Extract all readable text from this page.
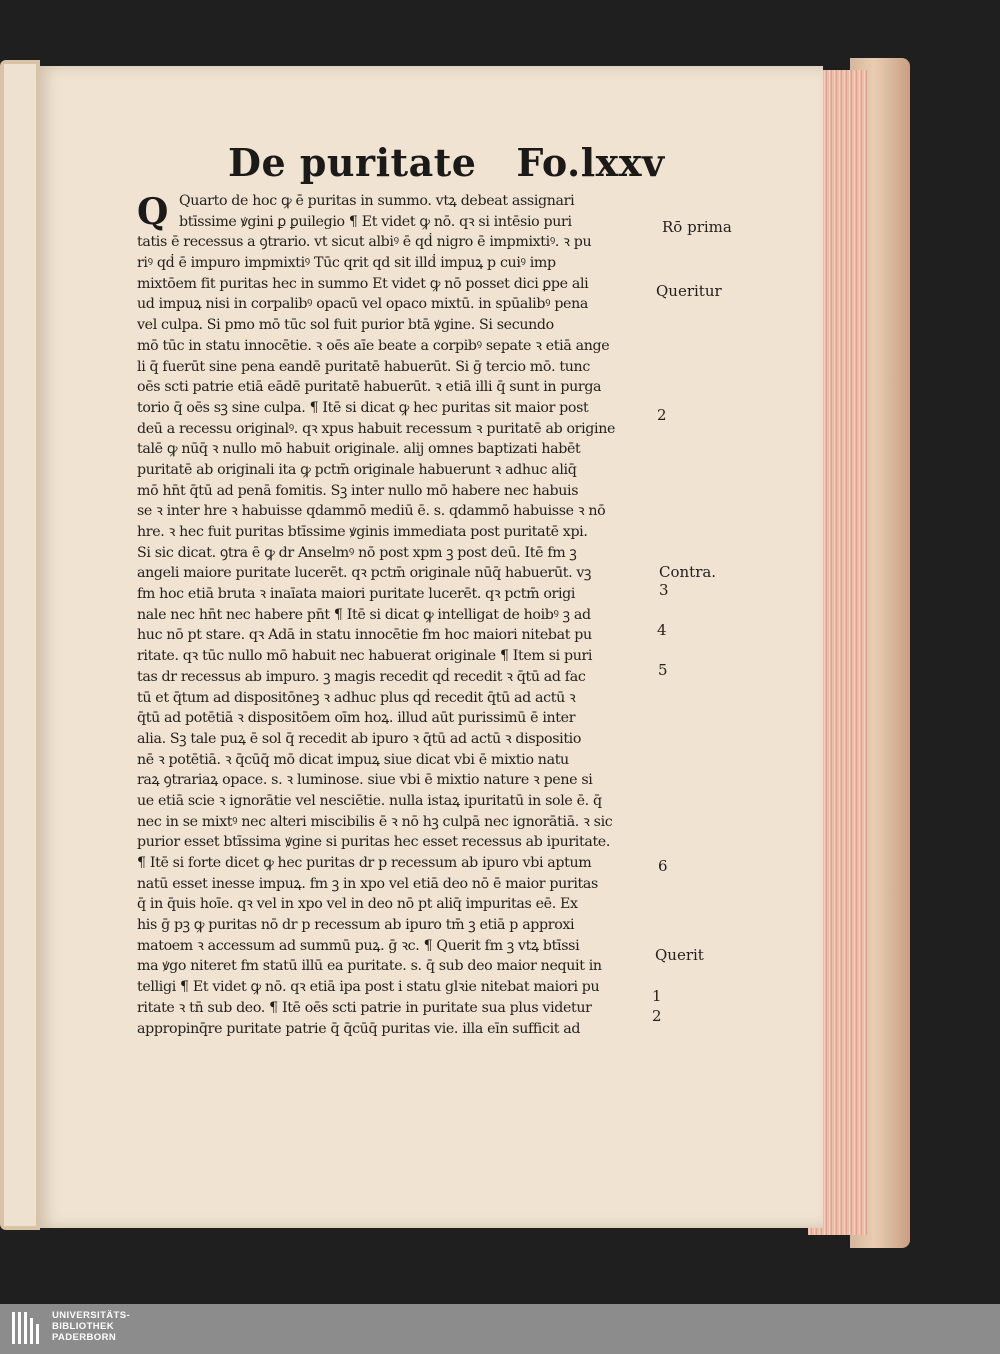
De puritate Fo.lxxv
Quarto de hoc ꝙ ē puritas in summo. vtꝝ debeat assignari
btīssime ꝟgini ꝑ ꝑuilegio ¶ Et videt ꝙ nō. qꝛ si intēsio puri
tatis ē recessus a ꝯtrario. vt sicut albiꝰ ē qḋ nigro ē impmixtiꝰ. ꝛ pu
riꝰ qḋ ē impuro impmixtiꝰ Tūc qrit qd sit illḋ impuꝝ p cuiꝰ imp
mixtōem fit puritas hec in summo Et videt ꝙ nō posset dici ꝑpe ali
ud impuꝝ nisi in corpalibꝰ opacū vel opaco mixtū. in spūalibꝰ pena
vel culpa. Si pmo mō tūc sol fuit purior btā ꝟgine. Si secundo
mō tūc in statu innocētie. ꝛ oēs aīe beate a corpibꝰ sepate ꝛ etiā ange
li q̄ fuerūt sine pena eandē puritatē habuerūt. Si ḡ tercio mō. tunc
oēs scti patrie etiā eādē puritatē habuerūt. ꝛ etiā illi q̄ sunt in purga
torio q̄ oēs sꝫ sine culpa. ¶ Itē si dicat ꝙ hec puritas sit maior post
deū a recessu originalꝰ. qꝛ xpus habuit recessum ꝛ puritatē ab origine
talē ꝙ nūq̄ ꝛ nullo mō habuit originale. alij omnes baptizati habēt
puritatē ab originali ita ꝙ pctm̄ originale habuerunt ꝛ adhuc aliq̄
mō hn̄t q̄tū ad penā fomitis. Sꝫ inter nullo mō habere nec habuis
se ꝛ inter hre ꝛ habuisse qdammō mediū ē. s. qdammō habuisse ꝛ nō
hre. ꝛ hec fuit puritas btīssime ꝟginis immediata post puritatē xpi.
Si sic dicat. ꝯtra ē ꝙ dr Anselmꝰ nō post xpm ꝫ post deū. Itē fm ꝫ
angeli maiore puritate lucerēt. qꝛ pctm̄ originale nūq̄ habuerūt. vꝫ
fm hoc etiā bruta ꝛ inaīata maiori puritate lucerēt. qꝛ pctm̄ origi
nale nec hn̄t nec habere pn̄t ¶ Itē si dicat ꝙ intelligat de hoibꝰ ꝫ ad
huc nō pt stare. qꝛ Adā in statu innocētie fm hoc maiori nitebat pu
ritate. qꝛ tūc nullo mō habuit nec habuerat originale ¶ Item si puri
tas dr recessus ab impuro. ꝫ magis recedit qḋ recedit ꝛ q̄tū ad fac
tū et q̄tum ad dispositōneꝫ ꝛ adhuc plus qḋ recedit q̄tū ad actū ꝛ
q̄tū ad potētiā ꝛ dispositōem oīm hoꝝ. illud aūt purissimū ē inter
alia. Sꝫ tale puꝝ ē sol q̄ recedit ab ipuro ꝛ q̄tū ad actū ꝛ dispositio
nē ꝛ potētiā. ꝛ q̄cūq̄ mō dicat impuꝝ siue dicat vbi ē mixtio natu
raꝝ ꝯtrariaꝝ opace. s. ꝛ luminose. siue vbi ē mixtio nature ꝛ pene si
ue etiā scie ꝛ ignorātie vel nesciētie. nulla istaꝝ ipuritatū in sole ē. q̄
nec in se mixtꝰ nec alteri miscibilis ē ꝛ nō hꝫ culpā nec ignorātiā. ꝛ sic
purior esset btīssima ꝟgine si puritas hec esset recessus ab ipuritate.
¶ Itē si forte dicet ꝙ hec puritas dr p recessum ab ipuro vbi aptum
natū esset inesse impuꝝ. fm ꝫ in xpo vel etiā deo nō ē maior puritas
q̄ in q̄uis hoīe. qꝛ vel in xpo vel in deo nō pt aliq̄ impuritas eē. Ex
his ḡ pꝫ ꝙ puritas nō dr p recessum ab ipuro tm̄ ꝫ etiā p approxi
matoem ꝛ accessum ad summū puꝝ. ḡ ꝛc. ¶ Querit fm ꝫ vtꝝ btīssi
ma ꝟgo niteret fm statū illū ea puritate. s. q̄ sub deo maior nequit in
telligi ¶ Et videt ꝙ nō. qꝛ etiā ipa post i statu glꝛie nitebat maiori pu
ritate ꝛ tn̄ sub deo. ¶ Itē oēs scti patrie in puritate sua plus videtur
appropinq̄re puritate patrie q̄ q̄cūq̄ puritas vie. illa eīn sufficit ad
Rō prima
Queritur
2
Contra.
3
4
5
6
Querit
1
2
Q
UNIVERSITÄTS-
BIBLIOTHEK
PADERBORN
